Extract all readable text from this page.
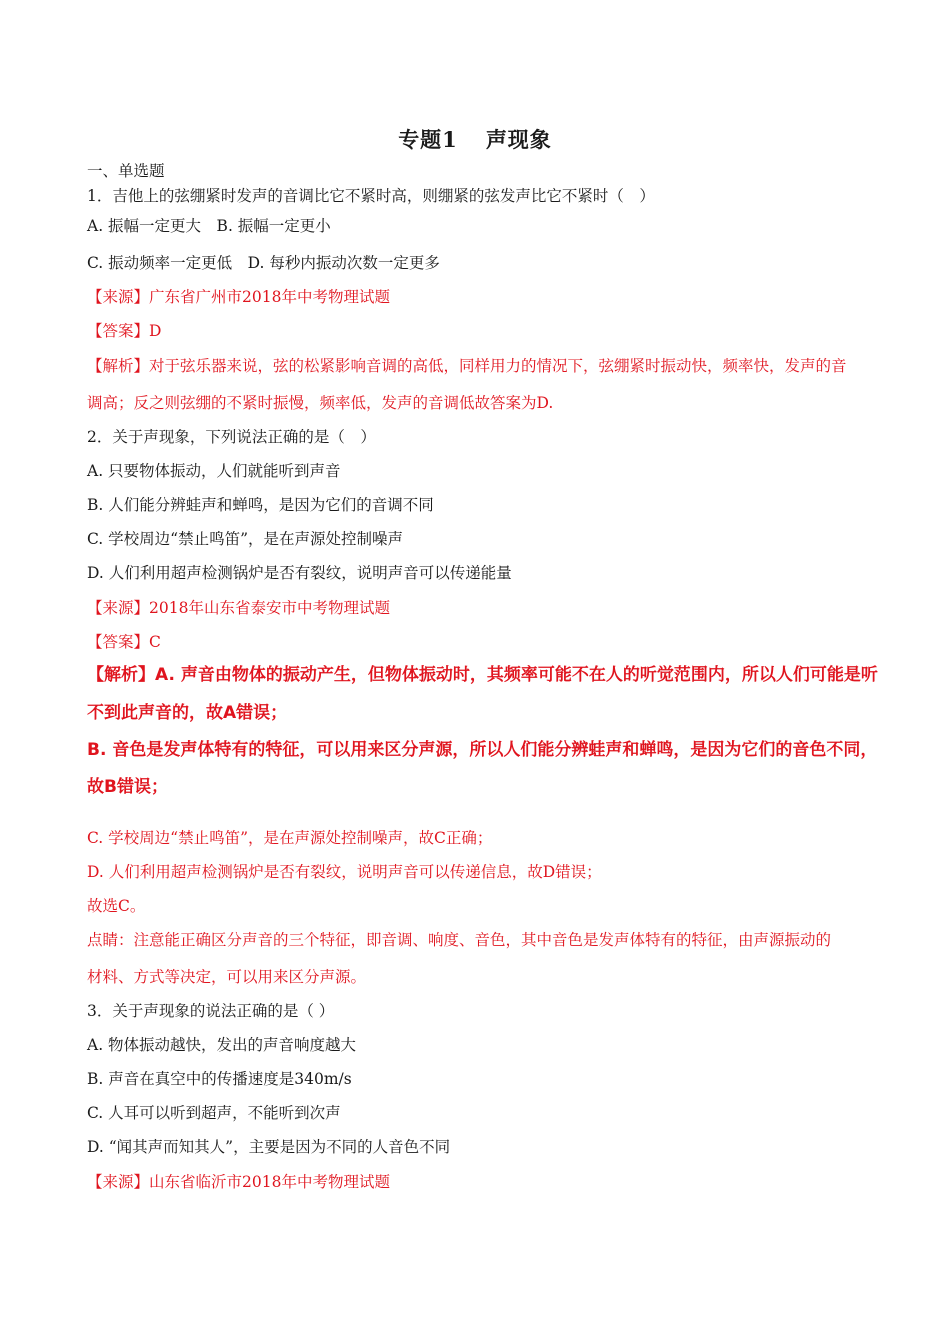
专题1 声现象
一、单选题
1．吉他上的弦绷紧时发声的音调比它不紧时高，则绷紧的弦发声比它不紧时（　）
A. 振幅一定更大　B. 振幅一定更小
C. 振动频率一定更低　D. 每秒内振动次数一定更多
【来源】广东省广州市2018年中考物理试题
【答案】D
【解析】对于弦乐器来说，弦的松紧影响音调的高低，同样用力的情况下，弦绷紧时振动快，频率快，发声的音
调高；反之则弦绷的不紧时振慢，频率低，发声的音调低故答案为D.
2．关于声现象，下列说法正确的是（　）
A. 只要物体振动，人们就能听到声音
B. 人们能分辨蛙声和蝉鸣，是因为它们的音调不同
C. 学校周边“禁止鸣笛”，是在声源处控制噪声
D. 人们利用超声检测锅炉是否有裂纹，说明声音可以传递能量
【来源】2018年山东省泰安市中考物理试题
【答案】C
【解析】A. 声音由物体的振动产生，但物体振动时，其频率可能不在人的听觉范围内，所以人们可能是听
不到此声音的，故A错误；
B. 音色是发声体特有的特征，可以用来区分声源，所以人们能分辨蛙声和蝉鸣，是因为它们的音色不同，
故B错误；
C. 学校周边“禁止鸣笛”，是在声源处控制噪声，故C正确；
D. 人们利用超声检测锅炉是否有裂纹，说明声音可以传递信息，故D错误；
故选C。
点睛：注意能正确区分声音的三个特征，即音调、响度、音色，其中音色是发声体特有的特征，由声源振动的
材料、方式等决定，可以用来区分声源。
3．关于声现象的说法正确的是（ ）
A. 物体振动越快，发出的声音响度越大
B. 声音在真空中的传播速度是340m/s
C. 人耳可以听到超声，不能听到次声
D. “闻其声而知其人”，主要是因为不同的人音色不同
【来源】山东省临沂市2018年中考物理试题
